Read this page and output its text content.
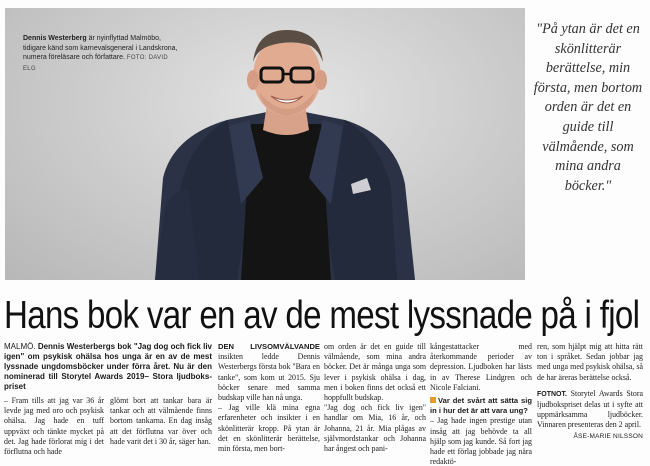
Dennis Westerberg är nyinflyttad Malmöbo, tidigare känd som karnevalsgeneral i Landskrona, numera föreläsare och författare. FOTO: DAVID ELG
"På ytan är det en skönlitterär berättelse, min första, men bortom orden är det en guide till välmående, som mina andra böcker."
Hans bok var en av de mest lyssnade på i fjol

MALMÖ. Dennis Westerbergs bok "Jag dog och fick liv igen" om psykisk ohälsa hos unga är en av de mest lyssnade ungdomsböcker under förra året. Nu är den nominerad till Storytel Awards 2019– Stora ljudbokspriset

– Fram tills att jag var 36 år levde jag med oro och psykisk ohälsa. Jag hade en tuff uppväxt och tänkte mycket på det. Jag hade förlorat mig i det förflutna och hade

glömt bort att tankar bara är tankar och att välmående finns bortom tankarna. En dag insåg att det förflutna var över och hade varit det i 30 år, säger han.

DEN LIVSOMVÄLVANDE insikten ledde Dennis Westerbergs första bok "Bara en tanke", som kom ut 2015. Sju böcker senare med samma budskap ville han nå unga.

– Jag ville klä mina egna erfarenheter och insikter i en skönlitterär kropp. På ytan är det en skönlitterär berättelse, min första, men bort-

om orden är det en guide till välmående, som mina andra böcker. Det är många unga som lever i psykisk ohälsa i dag, men i boken finns det också ett hoppfullt budskap.

"Jag dog och fick liv igen" handlar om Mia, 16 år, och Johanna, 21 år. Mia plågas av självmordstankar och Johanna har ångest och pani-

kångestattacker med återkommande perioder av depression. Ljudboken har lästs in av Therese Lindgren och Nicole Falciani.

Var det svårt att sätta sig in i hur det är att vara ung?

– Jag hade ingen prestige utan insåg att jag behövde ta all hjälp som jag kunde. Så fort jag hade ett förlag jobbade jag nära redaktö-

ren, som hjälpt mig att hitta rätt ton i språket. Sedan jobbar jag med unga med psykisk ohälsa, så de har äreras berättelse också.

FOTNOT. Storytel Awards Stora ljudbokspriset delas ut i syfte att uppmärksamma ljudböcker. Vinnaren presenteras den 2 april.

ÅSE-MARIE NILSSON
